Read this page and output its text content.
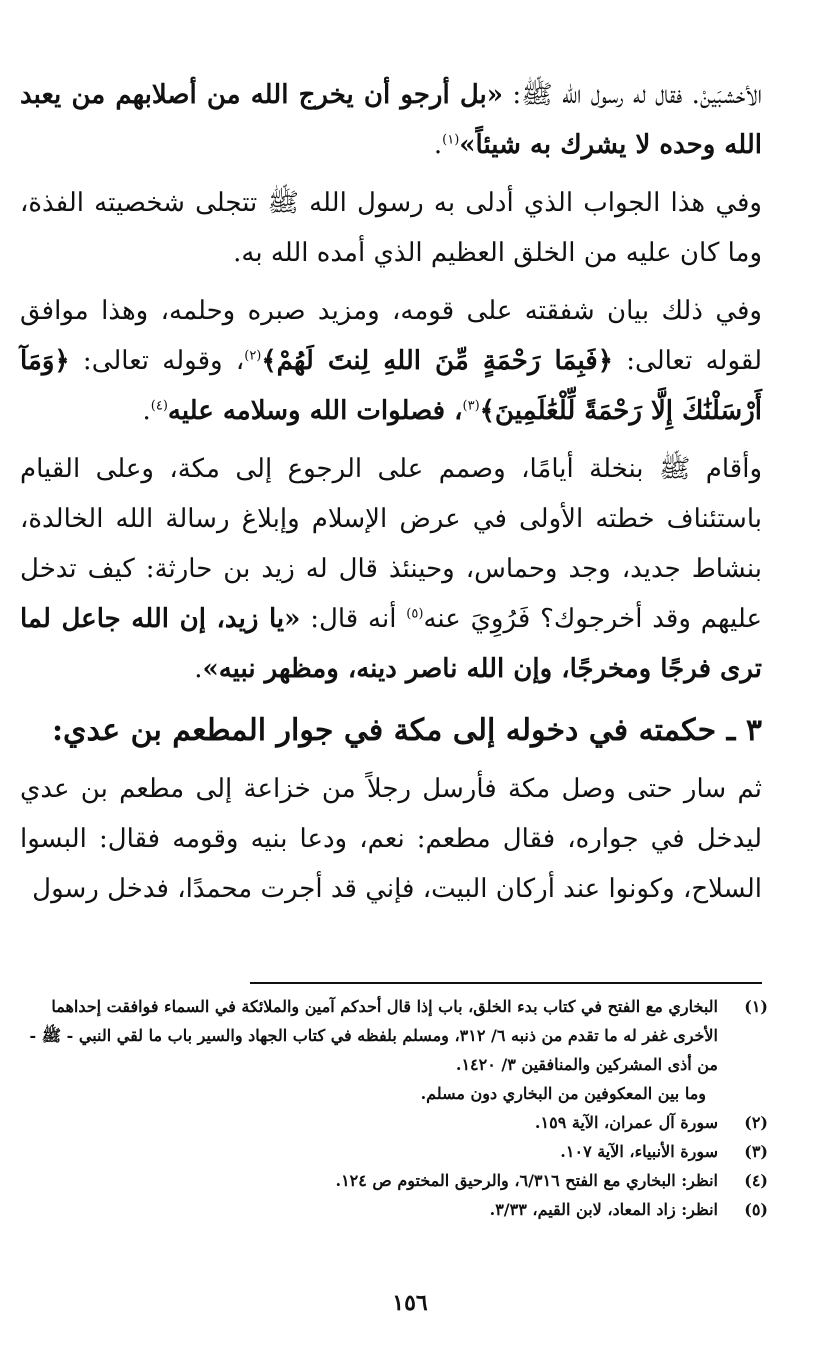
الأخشبَينْ. فقال له رسول الله ﷺ: «بل أرجو أن يخرج الله من أصلابهم من يعبد الله وحده لا يشرك به شيئاً»$^{(١)}$.

وفي هذا الجواب الذي أدلى به رسول الله ﷺ تتجلى شخصيته الفذة، وما كان عليه من الخلق العظيم الذي أمده الله به.

وفي ذلك بيان شفقته على قومه، ومزيد صبره وحلمه، وهذا موافق لقوله تعالى: ﴿فَبِمَا رَحْمَةٍ مِّنَ اللهِ لِنتَ لَهُمْ﴾$^{(٢)}$، وقوله تعالى: ﴿وَمَآ أَرْسَلْنَٰكَ إِلَّا رَحْمَةً لِّلْعَٰلَمِينَ﴾$^{(٣)}$، فصلوات الله وسلامه عليه$^{(٤)}$.

وأقام ﷺ بنخلة أيامًا، وصمم على الرجوع إلى مكة، وعلى القيام باستئناف خطته الأولى في عرض الإسلام وإبلاغ رسالة الله الخالدة، بنشاط جديد، وجد وحماس، وحينئذ قال له زيد بن حارثة: كيف تدخل عليهم وقد أخرجوك؟ فَرُوِيَ عنه$^{(٥)}$ أنه قال: «يا زيد، إن الله جاعل لما ترى فرجًا ومخرجًا، وإن الله ناصر دينه، ومظهر نبيه».

٣ ـ حكمته في دخوله إلى مكة في جوار المطعم بن عدي:

ثم سار حتى وصل مكة فأرسل رجلاً من خزاعة إلى مطعم بن عدي ليدخل في جواره، فقال مطعم: نعم، ودعا بنيه وقومه فقال: البسوا السلاح، وكونوا عند أركان البيت، فإني قد أجرت محمدًا، فدخل رسول

(١)
البخاري مع الفتح في كتاب بدء الخلق، باب إذا قال أحدكم آمين والملائكة في السماء فوافقت إحداهما الأخرى غفر له ما تقدم من ذنبه ٦/ ٣١٢، ومسلم بلفظه في كتاب الجهاد والسير باب ما لقي النبي - ﷺ - من أذى المشركين والمنافقين ٣/ ١٤٢٠.
وما بين المعكوفين من البخاري دون مسلم.
(٢)
سورة آل عمران، الآية ١٥٩.
(٣)
سورة الأنبياء، الآية ١٠٧.
(٤)
انظر: البخاري مع الفتح ٦/٣١٦، والرحيق المختوم ص ١٢٤.
(٥)
انظر: زاد المعاد، لابن القيم، ٣/٣٣.
١٥٦
